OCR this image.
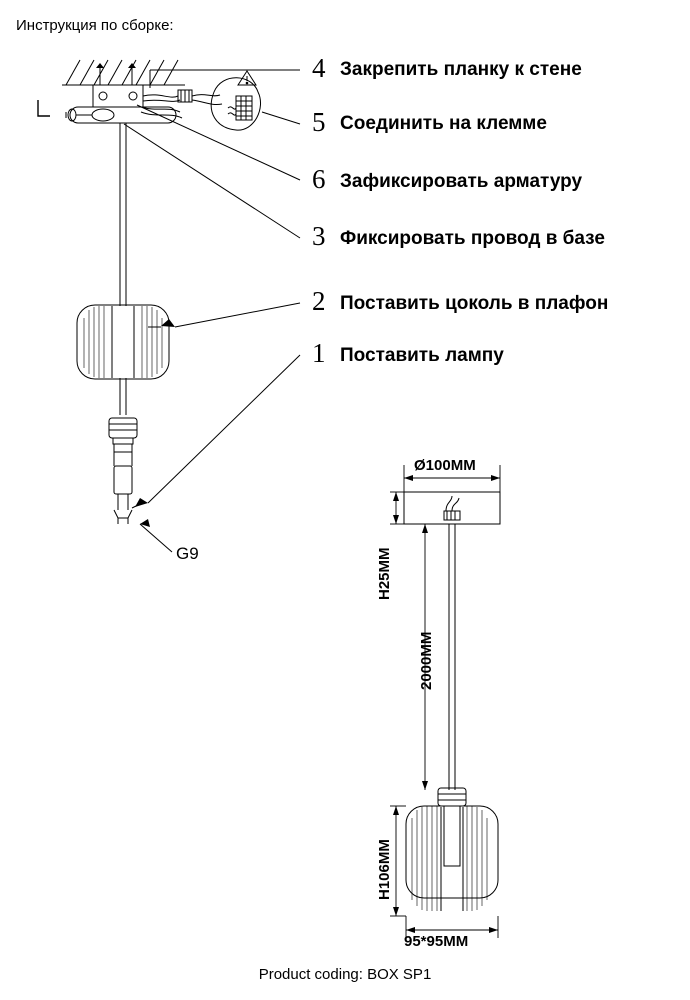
Инструкция по сборке:
4 Закрепить планку к стене
5 Соединить на клемме
6 Зафиксировать арматуру
3 Фиксировать провод в базе
2 Поставить цоколь в плафон
1 Поставить лампу
G9
Ø100MM
H25MM
2000MM
H106MM
95*95MM
Product coding: BOX SP1
